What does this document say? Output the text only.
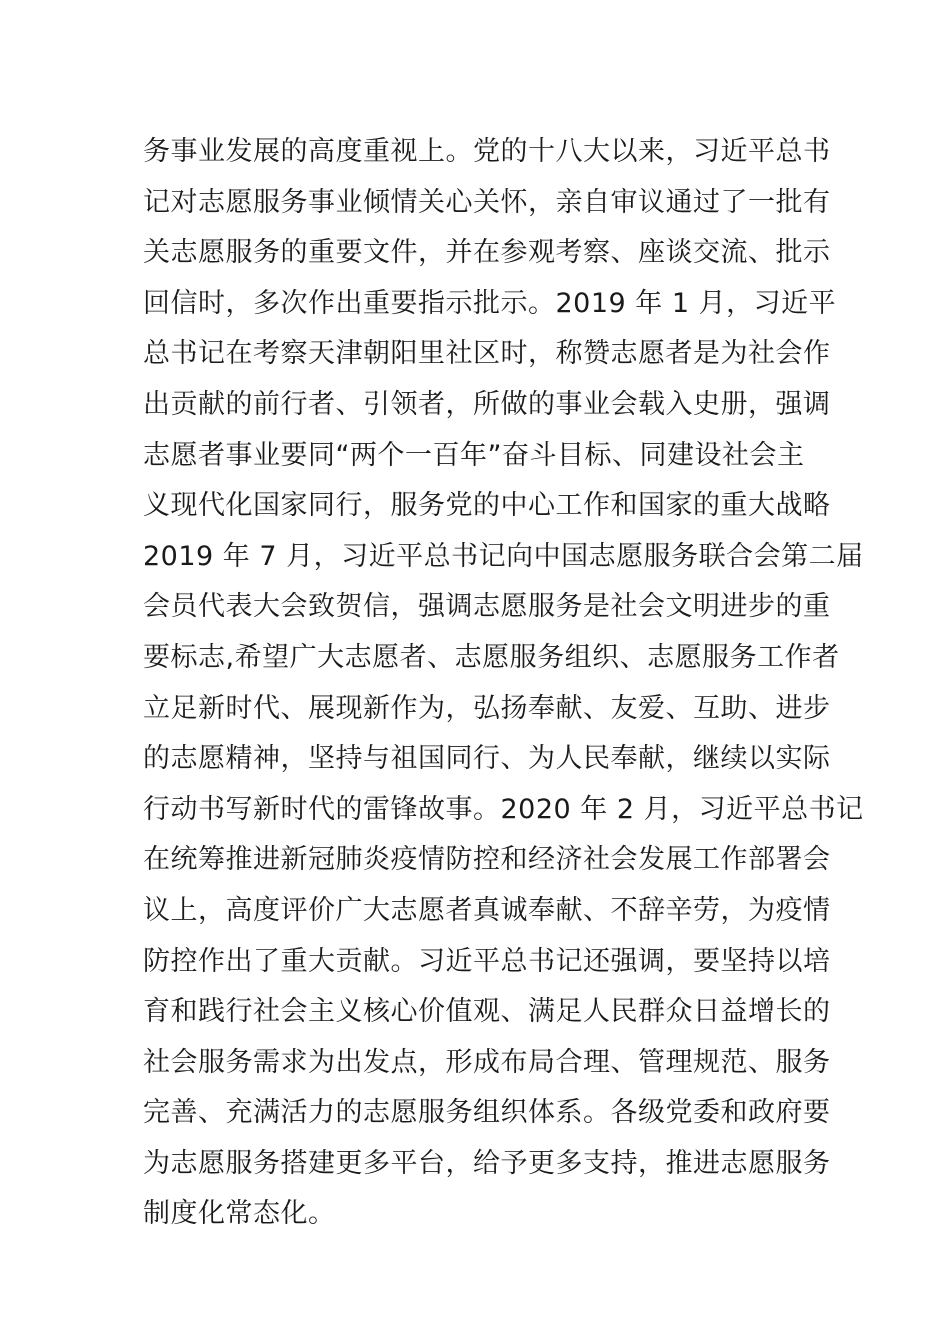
务事业发展的高度重视上。党的十八大以来，习近平总书
记对志愿服务事业倾情关心关怀，亲自审议通过了一批有
关志愿服务的重要文件，并在参观考察、座谈交流、批示
回信时，多次作出重要指示批示。2019 年 1 月，习近平
总书记在考察天津朝阳里社区时，称赞志愿者是为社会作
出贡献的前行者、引领者，所做的事业会载入史册，强调
志愿者事业要同“两个一百年”奋斗目标、同建设社会主
义现代化国家同行，服务党的中心工作和国家的重大战略
2019 年 7 月，习近平总书记向中国志愿服务联合会第二届
会员代表大会致贺信，强调志愿服务是社会文明进步的重
要标志,希望广大志愿者、志愿服务组织、志愿服务工作者
立足新时代、展现新作为，弘扬奉献、友爱、互助、进步
的志愿精神，坚持与祖国同行、为人民奉献，继续以实际
行动书写新时代的雷锋故事。2020 年 2 月，习近平总书记
在统筹推进新冠肺炎疫情防控和经济社会发展工作部署会
议上，高度评价广大志愿者真诚奉献、不辞辛劳，为疫情
防控作出了重大贡献。习近平总书记还强调，要坚持以培
育和践行社会主义核心价值观、满足人民群众日益增长的
社会服务需求为出发点，形成布局合理、管理规范、服务
完善、充满活力的志愿服务组织体系。各级党委和政府要
为志愿服务搭建更多平台，给予更多支持，推进志愿服务
制度化常态化。
